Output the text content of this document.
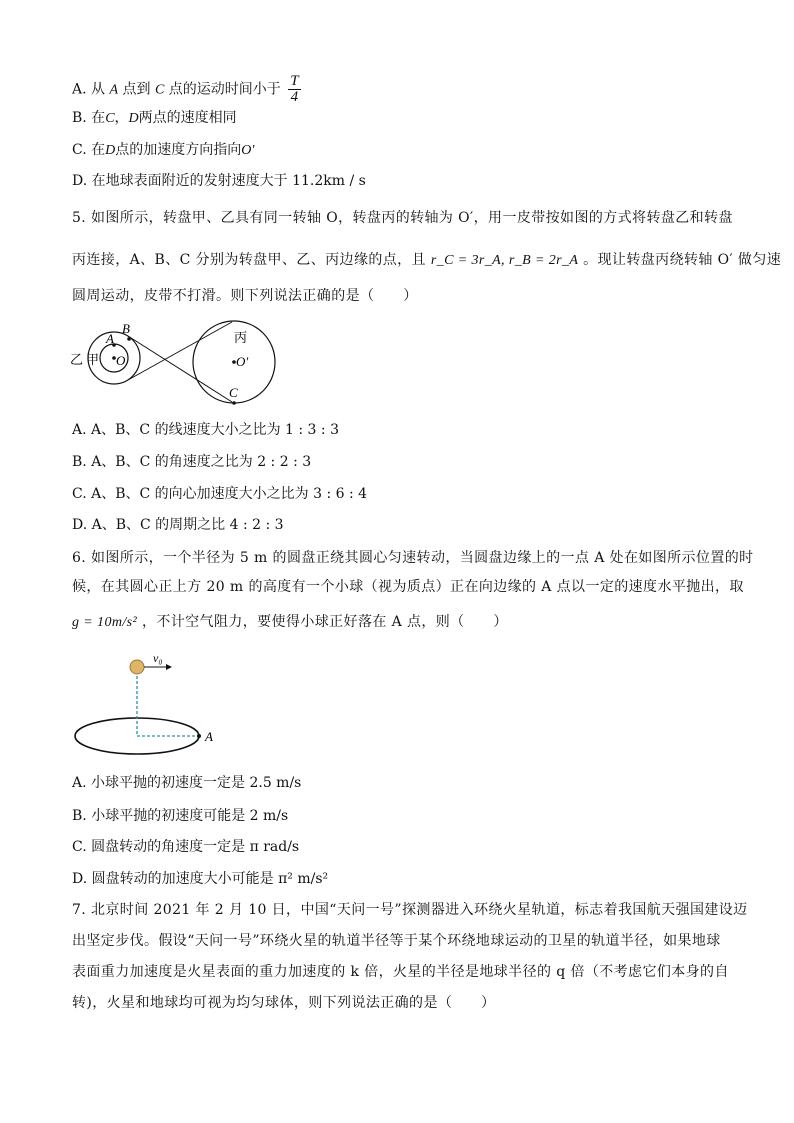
A. 从 A 点到 C 点的运动时间小于 $\frac{T}{4}$
B. 在C，D两点的速度相同
C. 在D点的加速度方向指向O'
D. 在地球表面附近的发射速度大于 11.2km / s
5. 如图所示，转盘甲、乙具有同一转轴 O，转盘丙的转轴为 O′，用一皮带按如图的方式将转盘乙和转盘
丙连接，A、B、C 分别为转盘甲、乙、丙边缘的点，且 r_C = 3r_A, r_B = 2r_A 。现让转盘丙绕转轴 O′ 做匀速
圆周运动，皮带不打滑。则下列说法正确的是（　　）
乙 甲 O
A
B
丙
O′
C
A. A、B、C 的线速度大小之比为 1 : 3 : 3
B. A、B、C 的角速度之比为 2 : 2 : 3
C. A、B、C 的向心加速度大小之比为 3 : 6 : 4
D. A、B、C 的周期之比 4 : 2 : 3
6. 如图所示，一个半径为 5 m 的圆盘正绕其圆心匀速转动，当圆盘边缘上的一点 A 处在如图所示位置的时
候，在其圆心正上方 20 m 的高度有一个小球（视为质点）正在向边缘的 A 点以一定的速度水平抛出，取
g = 10m/s² ，不计空气阻力，要使得小球正好落在 A 点，则（　　）
v₀
A
A. 小球平抛的初速度一定是 2.5 m/s
B. 小球平抛的初速度可能是 2 m/s
C. 圆盘转动的角速度一定是 π rad/s
D. 圆盘转动的加速度大小可能是 π² m/s²
7. 北京时间 2021 年 2 月 10 日，中国“天问一号”探测器进入环绕火星轨道，标志着我国航天强国建设迈
出坚定步伐。假设“天问一号”环绕火星的轨道半径等于某个环绕地球运动的卫星的轨道半径，如果地球
表面重力加速度是火星表面的重力加速度的 k 倍，火星的半径是地球半径的 q 倍（不考虑它们本身的自
转)，火星和地球均可视为均匀球体，则下列说法正确的是（　　）
